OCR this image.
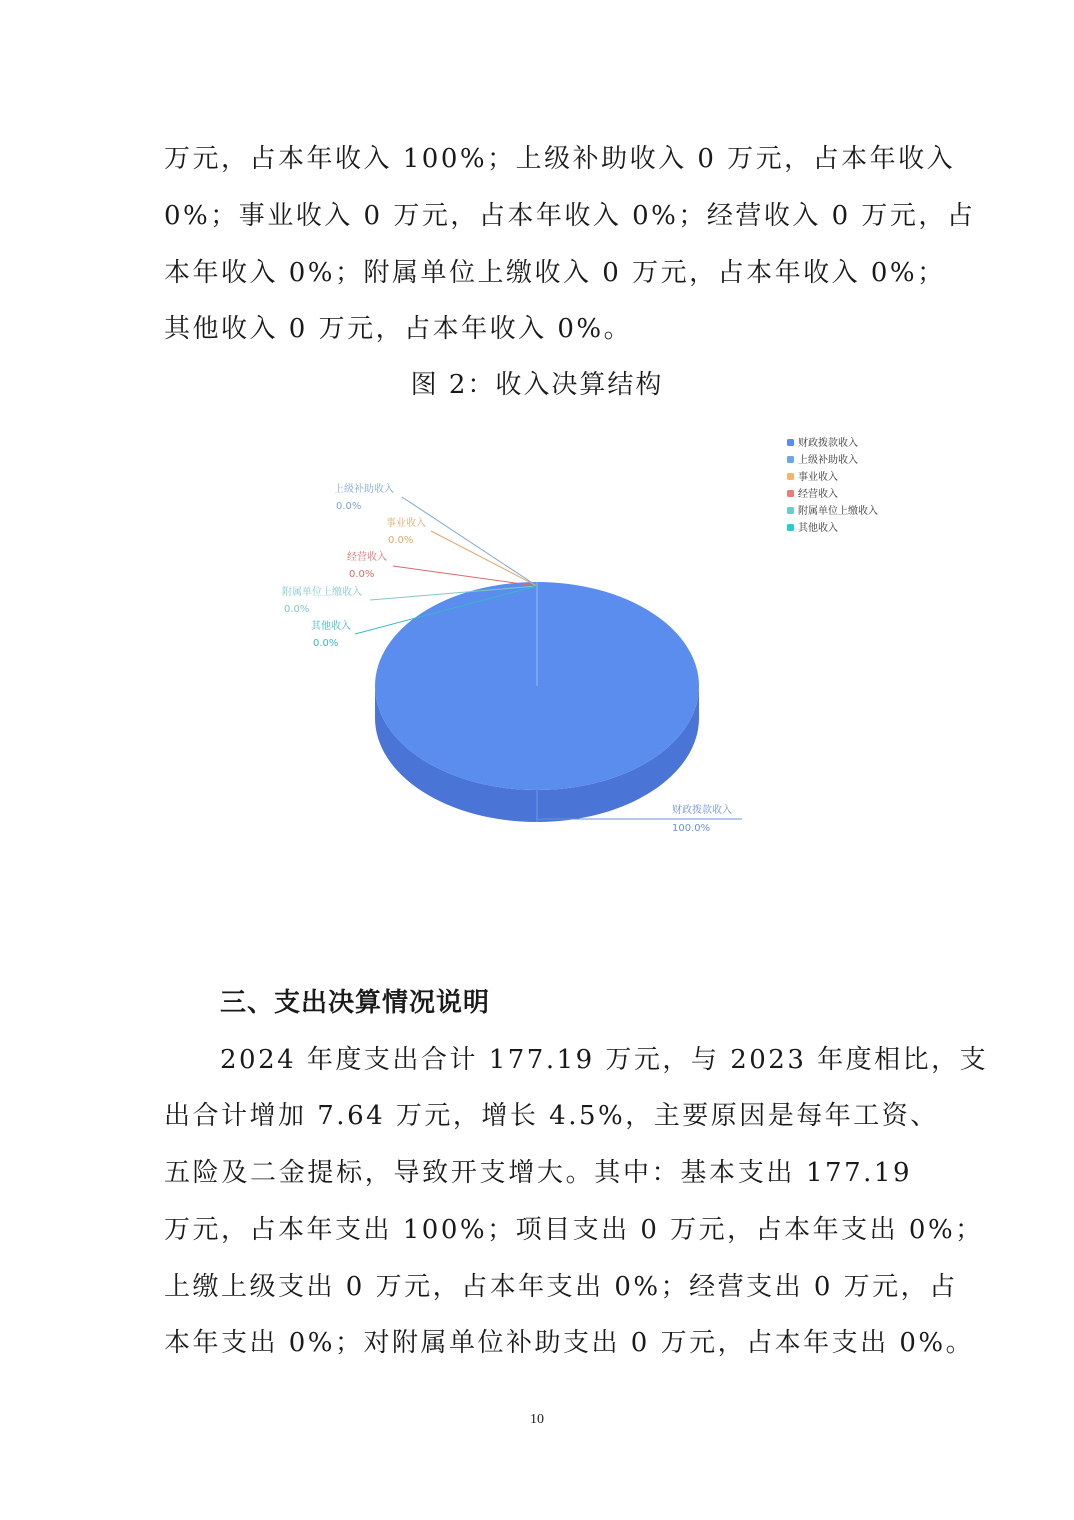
万元，占本年收入 100%；上级补助收入 0 万元，占本年收入
0%；事业收入 0 万元，占本年收入 0%；经营收入 0 万元，占
本年收入 0%；附属单位上缴收入 0 万元，占本年收入 0%；
其他收入 0 万元，占本年收入 0%。
图 2：收入决算结构
财政拨款收入
上级补助收入
事业收入
经营收入
附属单位上缴收入
其他收入
上级补助收入
0.0%
事业收入
0.0%
经营收入
0.0%
附属单位上缴收入
0.0%
其他收入
0.0%
财政拨款收入
100.0%
三、支出决算情况说明
2024 年度支出合计 177.19 万元，与 2023 年度相比，支
出合计增加 7.64 万元，增长 4.5%，主要原因是每年工资、
五险及二金提标，导致开支增大。其中：基本支出 177.19
万元，占本年支出 100%；项目支出 0 万元，占本年支出 0%；
上缴上级支出 0 万元，占本年支出 0%；经营支出 0 万元，占
本年支出 0%；对附属单位补助支出 0 万元，占本年支出 0%。
10
